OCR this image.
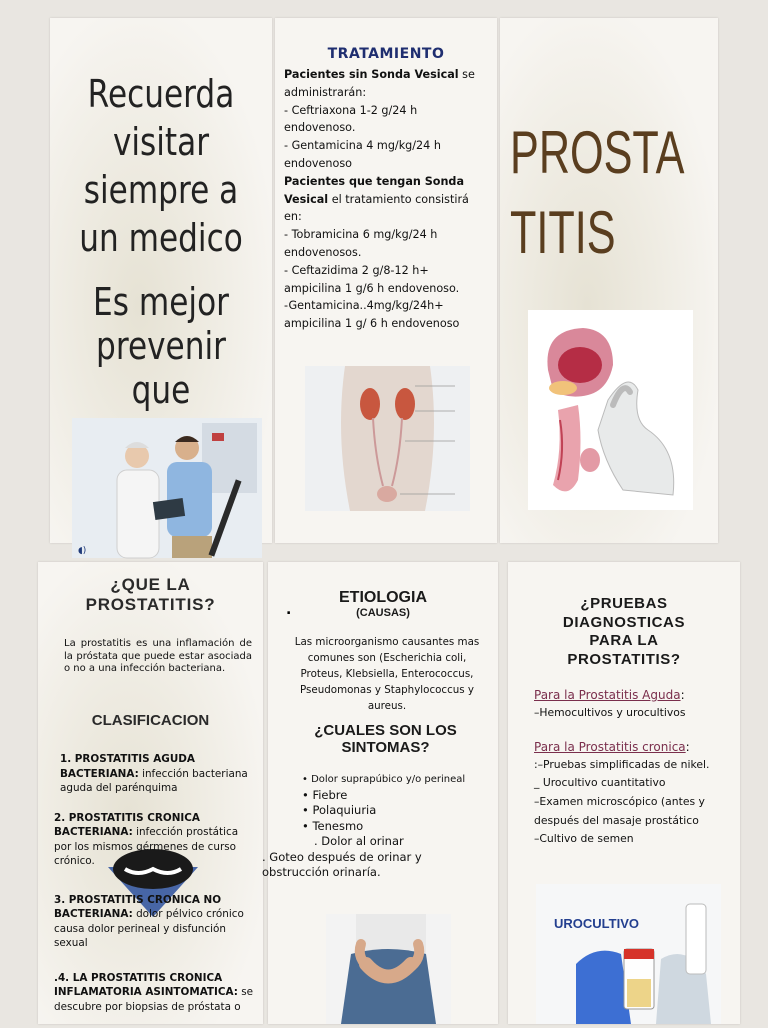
Recuerda
visitar
siempre a
un medico
Es mejor
prevenir que
◖)
TRATAMIENTO

Pacientes sin Sonda Vesical se administrarán:

- Ceftriaxona 1-2 g/24 h endovenoso.

- Gentamicina 4 mg/kg/24 h endovenoso

Pacientes que tengan Sonda Vesical el tratamiento consistirá en:

- Tobramicina 6 mg/kg/24 h endovenosos.

- Ceftazidima 2 g/8-12 h+ ampicilina 1 g/6 h endovenoso.

-Gentamicina..4mg/kg/24h+ ampicilina 1 g/ 6 h endovenoso

PROSTA
TITIS
¿QUE LA
PROSTATITIS?
La prostatitis es una inflamación de la próstata que puede estar asociada o no a una infección bacteriana.
CLASIFICACION

1. PROSTATITIS AGUDA BACTERIANA: infección bacteriana aguda del parénquima

2. PROSTATITIS CRONICA BACTERIANA: infección prostática por los mismos gérmenes de curso crónico.

3. PROSTATITIS CRONICA NO BACTERIANA: dolor pélvico crónico causa dolor perineal y disfunción sexual

.4. LA PROSTATITIS CRONICA INFLAMATORIA ASINTOMATICA: se descubre por biopsias de próstata o

ETIOLOGIA
(CAUSAS)
.
Las microorganismo causantes mas comunes son (Escherichia coli, Proteus, Klebsiella, Enterococcus, Pseudomonas y Staphylococcus y aureus.
¿CUALES SON LOS SINTOMAS?
• Dolor suprapúbico y/o perineal
• Fiebre
• Polaquiuria
• Tenesmo
. Dolor al orinar
. Goteo después de orinar y obstrucción orinaría.
¿PRUEBAS
DIAGNOSTICAS
PARA LA
PROSTATITIS?
Para la Prostatitis Aguda:
–Hemocultivos y urocultivos
Para la Prostatitis cronica:
:–Pruebas simplificadas de nikel.
_ Urocultivo cuantitativo
–Examen microscópico (antes y después del masaje prostático
–Cultivo de semen
UROCULTIVO
